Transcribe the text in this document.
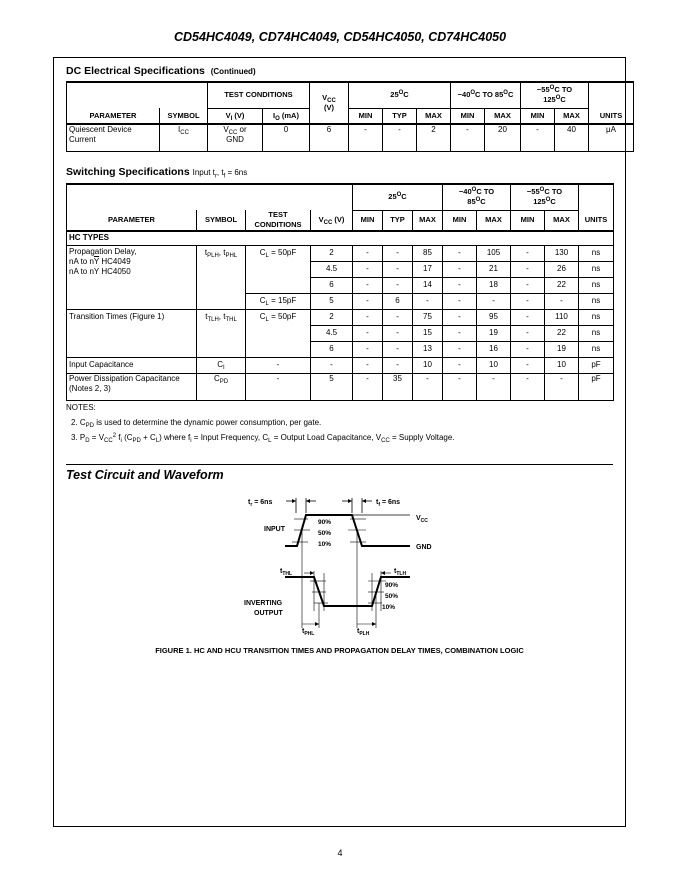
CD54HC4049, CD74HC4049, CD54HC4050, CD74HC4050
DC Electrical Specifications (Continued)
		TEST CONDITIONS		$V_{CC}$
(V)	$25^OC$			$-40^OC$ TO $85^OC$		$-55^OC$ TO
$125^OC$		
PARAMETER	SYMBOL	$V_I$ (V)	$I_O$ (mA)		MIN	TYP	MAX	MIN	MAX	MIN	MAX	UNITS
Quiescent Device Current	$I_{CC}$	$V_{CC}$ or
GND	0	6	-	-	2	-	20	-	40	μA
Switching Specifications Input $t_r$, $t_f = 6ns$
				$25^OC$			$-40^OC$ TO
$85^OC$		$-55^OC$ TO
$125^OC$		
PARAMETER	SYMBOL	TEST CONDITIONS	$V_{CC}$ (V)	MIN	TYP	MAX	MIN	MAX	MIN	MAX	UNITS
HC TYPES											
Propagation Delay,
nA to $n\overline{Y}$ HC4049
nA to nY HC4050	$t_{PLH}$, $t_{PHL}$	$C_L = 50pF$	2	-	-	85	-	105	-	130	ns
			4.5	-	-	17	-	21	-	26	ns
			6	-	-	14	-	18	-	22	ns
		$C_L = 15pF$	5	-	6	-	-	-	-	-	ns
Transition Times (Figure 1)	$t_{TLH}$, $t_{THL}$	$C_L = 50pF$	2	-	-	75	-	95	-	110	ns
			4.5	-	-	15	-	19	-	22	ns
			6	-	-	13	-	16	-	19	ns
Input Capacitance	$C_I$	-	-	-	-	10	-	10	-	10	pF
Power Dissipation Capacitance
(Notes 2, 3)	$C_{PD}$	-	5	-	35	-	-	-	-	-	pF
NOTES:
2. $C_{PD}$ is used to determine the dynamic power consumption, per gate.
3. $P_D = V_{CC}^2$ $f_i$ $(C_{PD} + C_L)$ where $f_i$ = Input Frequency, $C_L$ = Output Load Capacitance, $V_{CC}$ = Supply Voltage.
Test Circuit and Waveform
$t_r = 6ns$	$t_f = 6ns$
INPUT
90%
50%
10%
$V_{CC}$
GND
$t_{THL}$	$t_{TLH}$
90%
50%
10%
INVERTING
OUTPUT
$t_{PHL}$	$t_{PLH}$
FIGURE 1. HC AND HCU TRANSITION TIMES AND PROPAGATION DELAY TIMES, COMBINATION LOGIC
4
